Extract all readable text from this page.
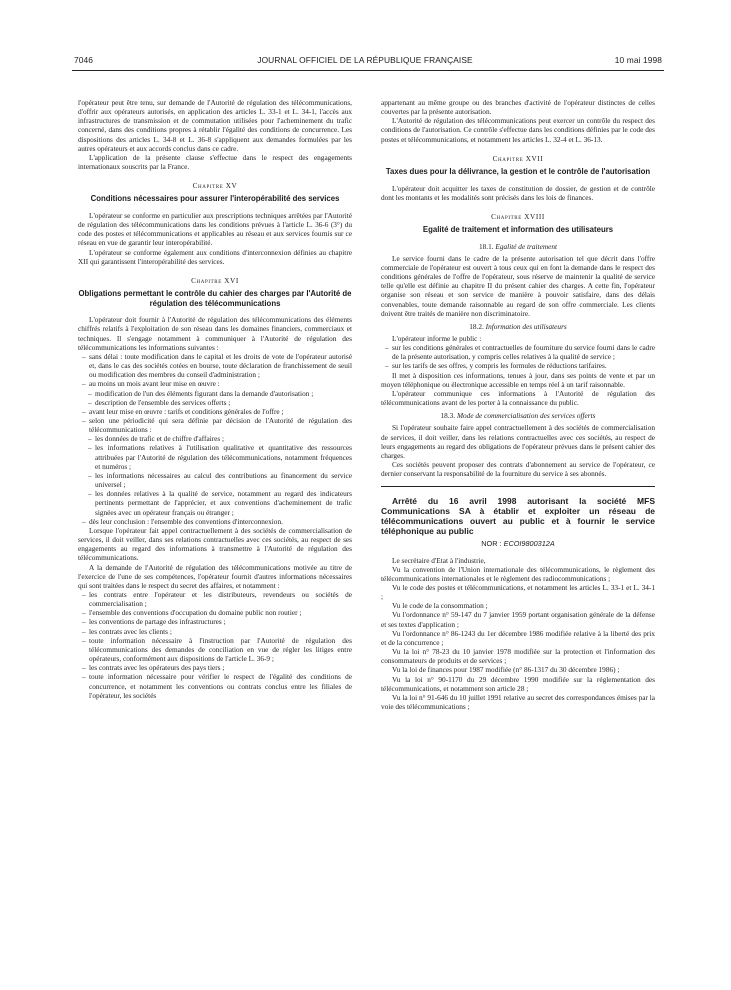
7046	JOURNAL OFFICIEL DE LA RÉPUBLIQUE FRANÇAISE	10 mai 1998

l'opérateur peut être tenu, sur demande de l'Autorité de régulation des télécommunications, d'offrir aux opérateurs autorisés, en application des articles L. 33-1 et L. 34-1, l'accès aux infrastructures de transmission et de commutation utilisées pour l'acheminement du trafic concerné, dans des conditions propres à rétablir l'égalité des conditions de concurrence. Les dispositions des articles L. 34-8 et L. 36-8 s'appliquent aux demandes formulées par les autres opérateurs et aux accords conclus dans ce cadre.

L'application de la présente clause s'effectue dans le respect des engagements internationaux souscrits par la France.

Chapitre XV
Conditions nécessaires pour assurer l'interopérabilité des services

L'opérateur se conforme en particulier aux prescriptions techniques arrêtées par l'Autorité de régulation des télécommunications dans les conditions prévues à l'article L. 36-6 (3°) du code des postes et télécommunications et applicables au réseau et aux services fournis sur ce réseau en vue de garantir leur interopérabilité.

L'opérateur se conforme également aux conditions d'interconnexion définies au chapitre XII qui garantissent l'interopérabilité des services.

Chapitre XVI
Obligations permettant le contrôle du cahier des charges par l'Autorité de régulation des télécommunications

L'opérateur doit fournir à l'Autorité de régulation des télécommunications des éléments chiffrés relatifs à l'exploitation de son réseau dans les domaines financiers, commerciaux et techniques. Il s'engage notamment à communiquer à l'Autorité de régulation des télécommunications les informations suivantes :

– sans délai : toute modification dans le capital et les droits de vote de l'opérateur autorisé et, dans le cas des sociétés cotées en bourse, toute déclaration de franchissement de seuil ou modification des membres du conseil d'administration ;
– au moins un mois avant leur mise en œuvre :
– modification de l'un des éléments figurant dans la demande d'autorisation ;
– description de l'ensemble des services offerts ;
– avant leur mise en œuvre : tarifs et conditions générales de l'offre ;
– selon une périodicité qui sera définie par décision de l'Autorité de régulation des télécommunications :
– les données de trafic et de chiffre d'affaires ;
– les informations relatives à l'utilisation qualitative et quantitative des ressources attribuées par l'Autorité de régulation des télécommunications, notamment fréquences et numéros ;
– les informations nécessaires au calcul des contributions au financement du service universel ;
– les données relatives à la qualité de service, notamment au regard des indicateurs pertinents permettant de l'apprécier, et aux conventions d'acheminement de trafic signées avec un opérateur français ou étranger ;
– dès leur conclusion : l'ensemble des conventions d'interconnexion.

Lorsque l'opérateur fait appel contractuellement à des sociétés de commercialisation de services, il doit veiller, dans ses relations contractuelles avec ces sociétés, au respect de ses engagements au regard des informations à transmettre à l'Autorité de régulation des télécommunications.

A la demande de l'Autorité de régulation des télécommunications motivée au titre de l'exercice de l'une de ses compétences, l'opérateur fournit d'autres informations nécessaires qui sont traitées dans le respect du secret des affaires, et notamment :

– les contrats entre l'opérateur et les distributeurs, revendeurs ou sociétés de commercialisation ;
– l'ensemble des conventions d'occupation du domaine public non routier ;
– les conventions de partage des infrastructures ;
– les contrats avec les clients ;
– toute information nécessaire à l'instruction par l'Autorité de régulation des télécommunications des demandes de conciliation en vue de régler les litiges entre opérateurs, conformément aux dispositions de l'article L. 36-9 ;
– les contrats avec les opérateurs des pays tiers ;
– toute information nécessaire pour vérifier le respect de l'égalité des conditions de concurrence, et notamment les conventions ou contrats conclus entre les filiales de l'opérateur, les sociétés

appartenant au même groupe ou des branches d'activité de l'opérateur distinctes de celles couvertes par la présente autorisation.

L'Autorité de régulation des télécommunications peut exercer un contrôle du respect des conditions de l'autorisation. Ce contrôle s'effectue dans les conditions définies par le code des postes et télécommunications, et notamment les articles L. 32-4 et L. 36-13.

Chapitre XVII
Taxes dues pour la délivrance, la gestion et le contrôle de l'autorisation

L'opérateur doit acquitter les taxes de constitution de dossier, de gestion et de contrôle dont les montants et les modalités sont précisés dans les lois de finances.

Chapitre XVIII
Egalité de traitement et information des utilisateurs
18.1. Egalité de traitement

Le service fourni dans le cadre de la présente autorisation tel que décrit dans l'offre commerciale de l'opérateur est ouvert à tous ceux qui en font la demande dans le respect des conditions générales de l'offre de l'opérateur, sous réserve de maintenir la qualité de service telle qu'elle est définie au chapitre II du présent cahier des charges. A cette fin, l'opérateur organise son réseau et son service de manière à pouvoir satisfaire, dans des délais convenables, toute demande raisonnable au regard de son offre commerciale. Les clients doivent être traités de manière non discriminatoire.

18.2. Information des utilisateurs

L'opérateur informe le public :

– sur les conditions générales et contractuelles de fourniture du service fourni dans le cadre de la présente autorisation, y compris celles relatives à la qualité de service ;
– sur les tarifs de ses offres, y compris les formules de réductions tarifaires.

Il met à disposition ces informations, tenues à jour, dans ses points de vente et par un moyen téléphonique ou électronique accessible en temps réel à un tarif raisonnable.

L'opérateur communique ces informations à l'Autorité de régulation des télécommunications avant de les porter à la connaissance du public.

18.3. Mode de commercialisation des services offerts

Si l'opérateur souhaite faire appel contractuellement à des sociétés de commercialisation de services, il doit veiller, dans les relations contractuelles avec ces sociétés, au respect de leurs engagements au regard des obligations de l'opérateur prévues dans le présent cahier des charges.

Ces sociétés peuvent proposer des contrats d'abonnement au service de l'opérateur, ce dernier conservant la responsabilité de la fourniture du service à ses abonnés.

Arrêté du 16 avril 1998 autorisant la société MFS Communications SA à établir et exploiter un réseau de télécommunications ouvert au public et à fournir le service téléphonique au public

NOR : ECOI9800312A

Le secrétaire d'Etat à l'industrie,

Vu la convention de l'Union internationale des télécommunications, le règlement des télécommunications internationales et le règlement des radiocommunications ;

Vu le code des postes et télécommunications, et notamment les articles L. 33-1 et L. 34-1 ;

Vu le code de la consommation ;

Vu l'ordonnance n° 59-147 du 7 janvier 1959 portant organisation générale de la défense et ses textes d'application ;

Vu l'ordonnance n° 86-1243 du 1er décembre 1986 modifiée relative à la liberté des prix et de la concurrence ;

Vu la loi n° 78-23 du 10 janvier 1978 modifiée sur la protection et l'information des consommateurs de produits et de services ;

Vu la loi de finances pour 1987 modifiée (n° 86-1317 du 30 décembre 1986) ;

Vu la loi n° 90-1170 du 29 décembre 1990 modifiée sur la réglementation des télécommunications, et notamment son article 28 ;

Vu la loi n° 91-646 du 10 juillet 1991 relative au secret des correspondances émises par la voie des télécommunications ;
